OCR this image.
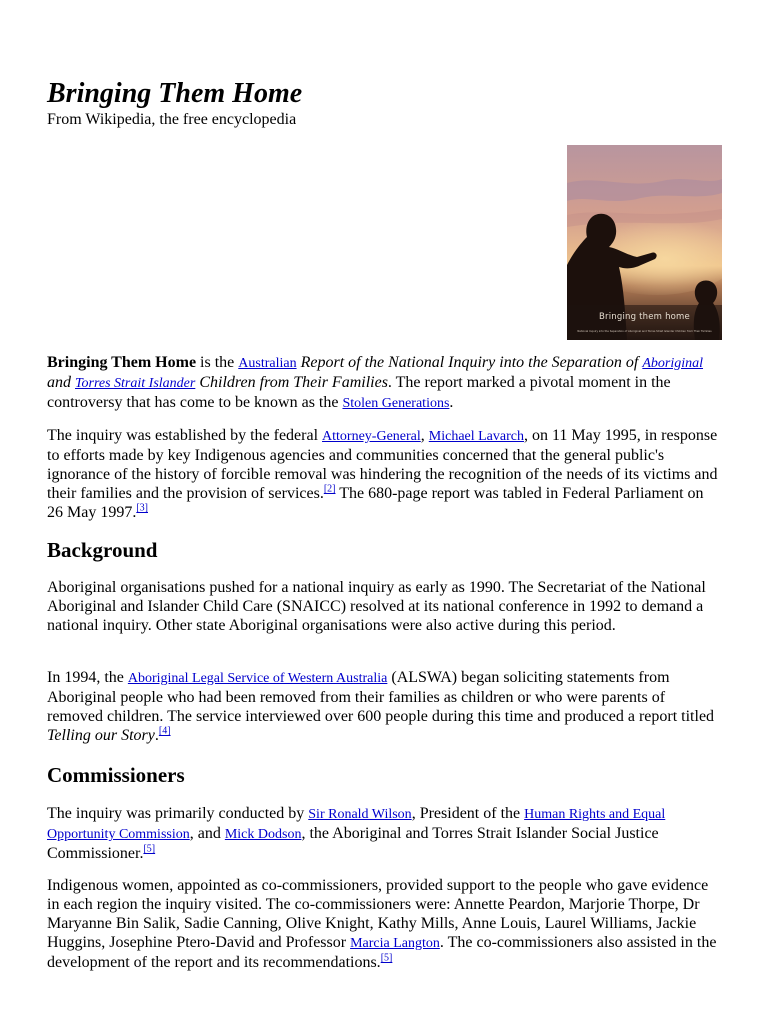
Bringing Them Home
From Wikipedia, the free encyclopedia
Bringing them home
National Inquiry into the Separation of Aboriginal and Torres Strait Islander Children from Their Families

Bringing Them Home is the Australian Report of the National Inquiry into the Separation of Aboriginal and Torres Strait Islander Children from Their Families. The report marked a pivotal moment in the controversy that has come to be known as the Stolen Generations.

The inquiry was established by the federal Attorney-General, Michael Lavarch, on 11 May 1995, in response to efforts made by key Indigenous agencies and communities concerned that the general public's ignorance of the history of forcible removal was hindering the recognition of the needs of its victims and their families and the provision of services.[2] The 680-page report was tabled in Federal Parliament on 26 May 1997.[3]

Background

Aboriginal organisations pushed for a national inquiry as early as 1990. The Secretariat of the National Aboriginal and Islander Child Care (SNAICC) resolved at its national conference in 1992 to demand a national inquiry. Other state Aboriginal organisations were also active during this period.

In 1994, the Aboriginal Legal Service of Western Australia (ALSWA) began soliciting statements from Aboriginal people who had been removed from their families as children or who were parents of removed children. The service interviewed over 600 people during this time and produced a report titled Telling our Story.[4]

Commissioners

The inquiry was primarily conducted by Sir Ronald Wilson, President of the Human Rights and Equal Opportunity Commission, and Mick Dodson, the Aboriginal and Torres Strait Islander Social Justice Commissioner.[5]

Indigenous women, appointed as co-commissioners, provided support to the people who gave evidence in each region the inquiry visited. The co-commissioners were: Annette Peardon, Marjorie Thorpe, Dr Maryanne Bin Salik, Sadie Canning, Olive Knight, Kathy Mills, Anne Louis, Laurel Williams, Jackie Huggins, Josephine Ptero-David and Professor Marcia Langton. The co-commissioners also assisted in the development of the report and its recommendations.[5]
